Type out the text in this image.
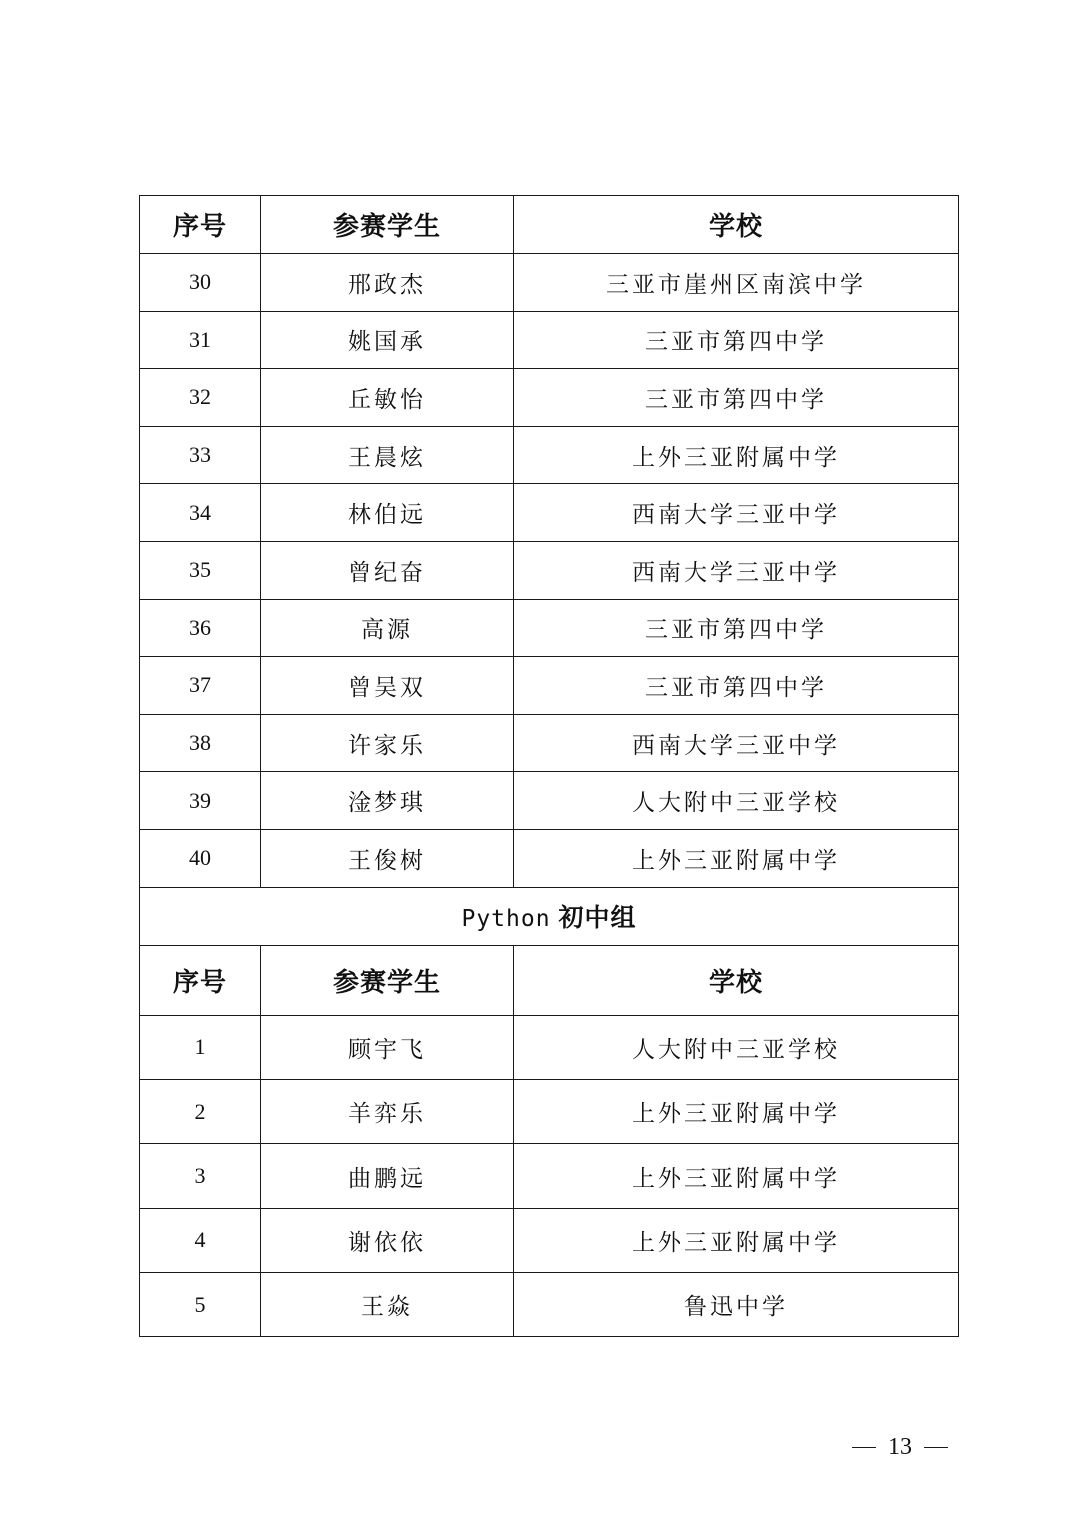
序号	参赛学生	学校
30	邢政杰	三亚市崖州区南滨中学
31	姚国承	三亚市第四中学
32	丘敏怡	三亚市第四中学
33	王晨炫	上外三亚附属中学
34	林伯远	西南大学三亚中学
35	曾纪奋	西南大学三亚中学
36	高源	三亚市第四中学
37	曾吴双	三亚市第四中学
38	许家乐	西南大学三亚中学
39	淦梦琪	人大附中三亚学校
40	王俊树	上外三亚附属中学
Python 初中组		
序号	参赛学生	学校
1	顾宇飞	人大附中三亚学校
2	羊弈乐	上外三亚附属中学
3	曲鹏远	上外三亚附属中学
4	谢依依	上外三亚附属中学
5	王焱	鲁迅中学
13
